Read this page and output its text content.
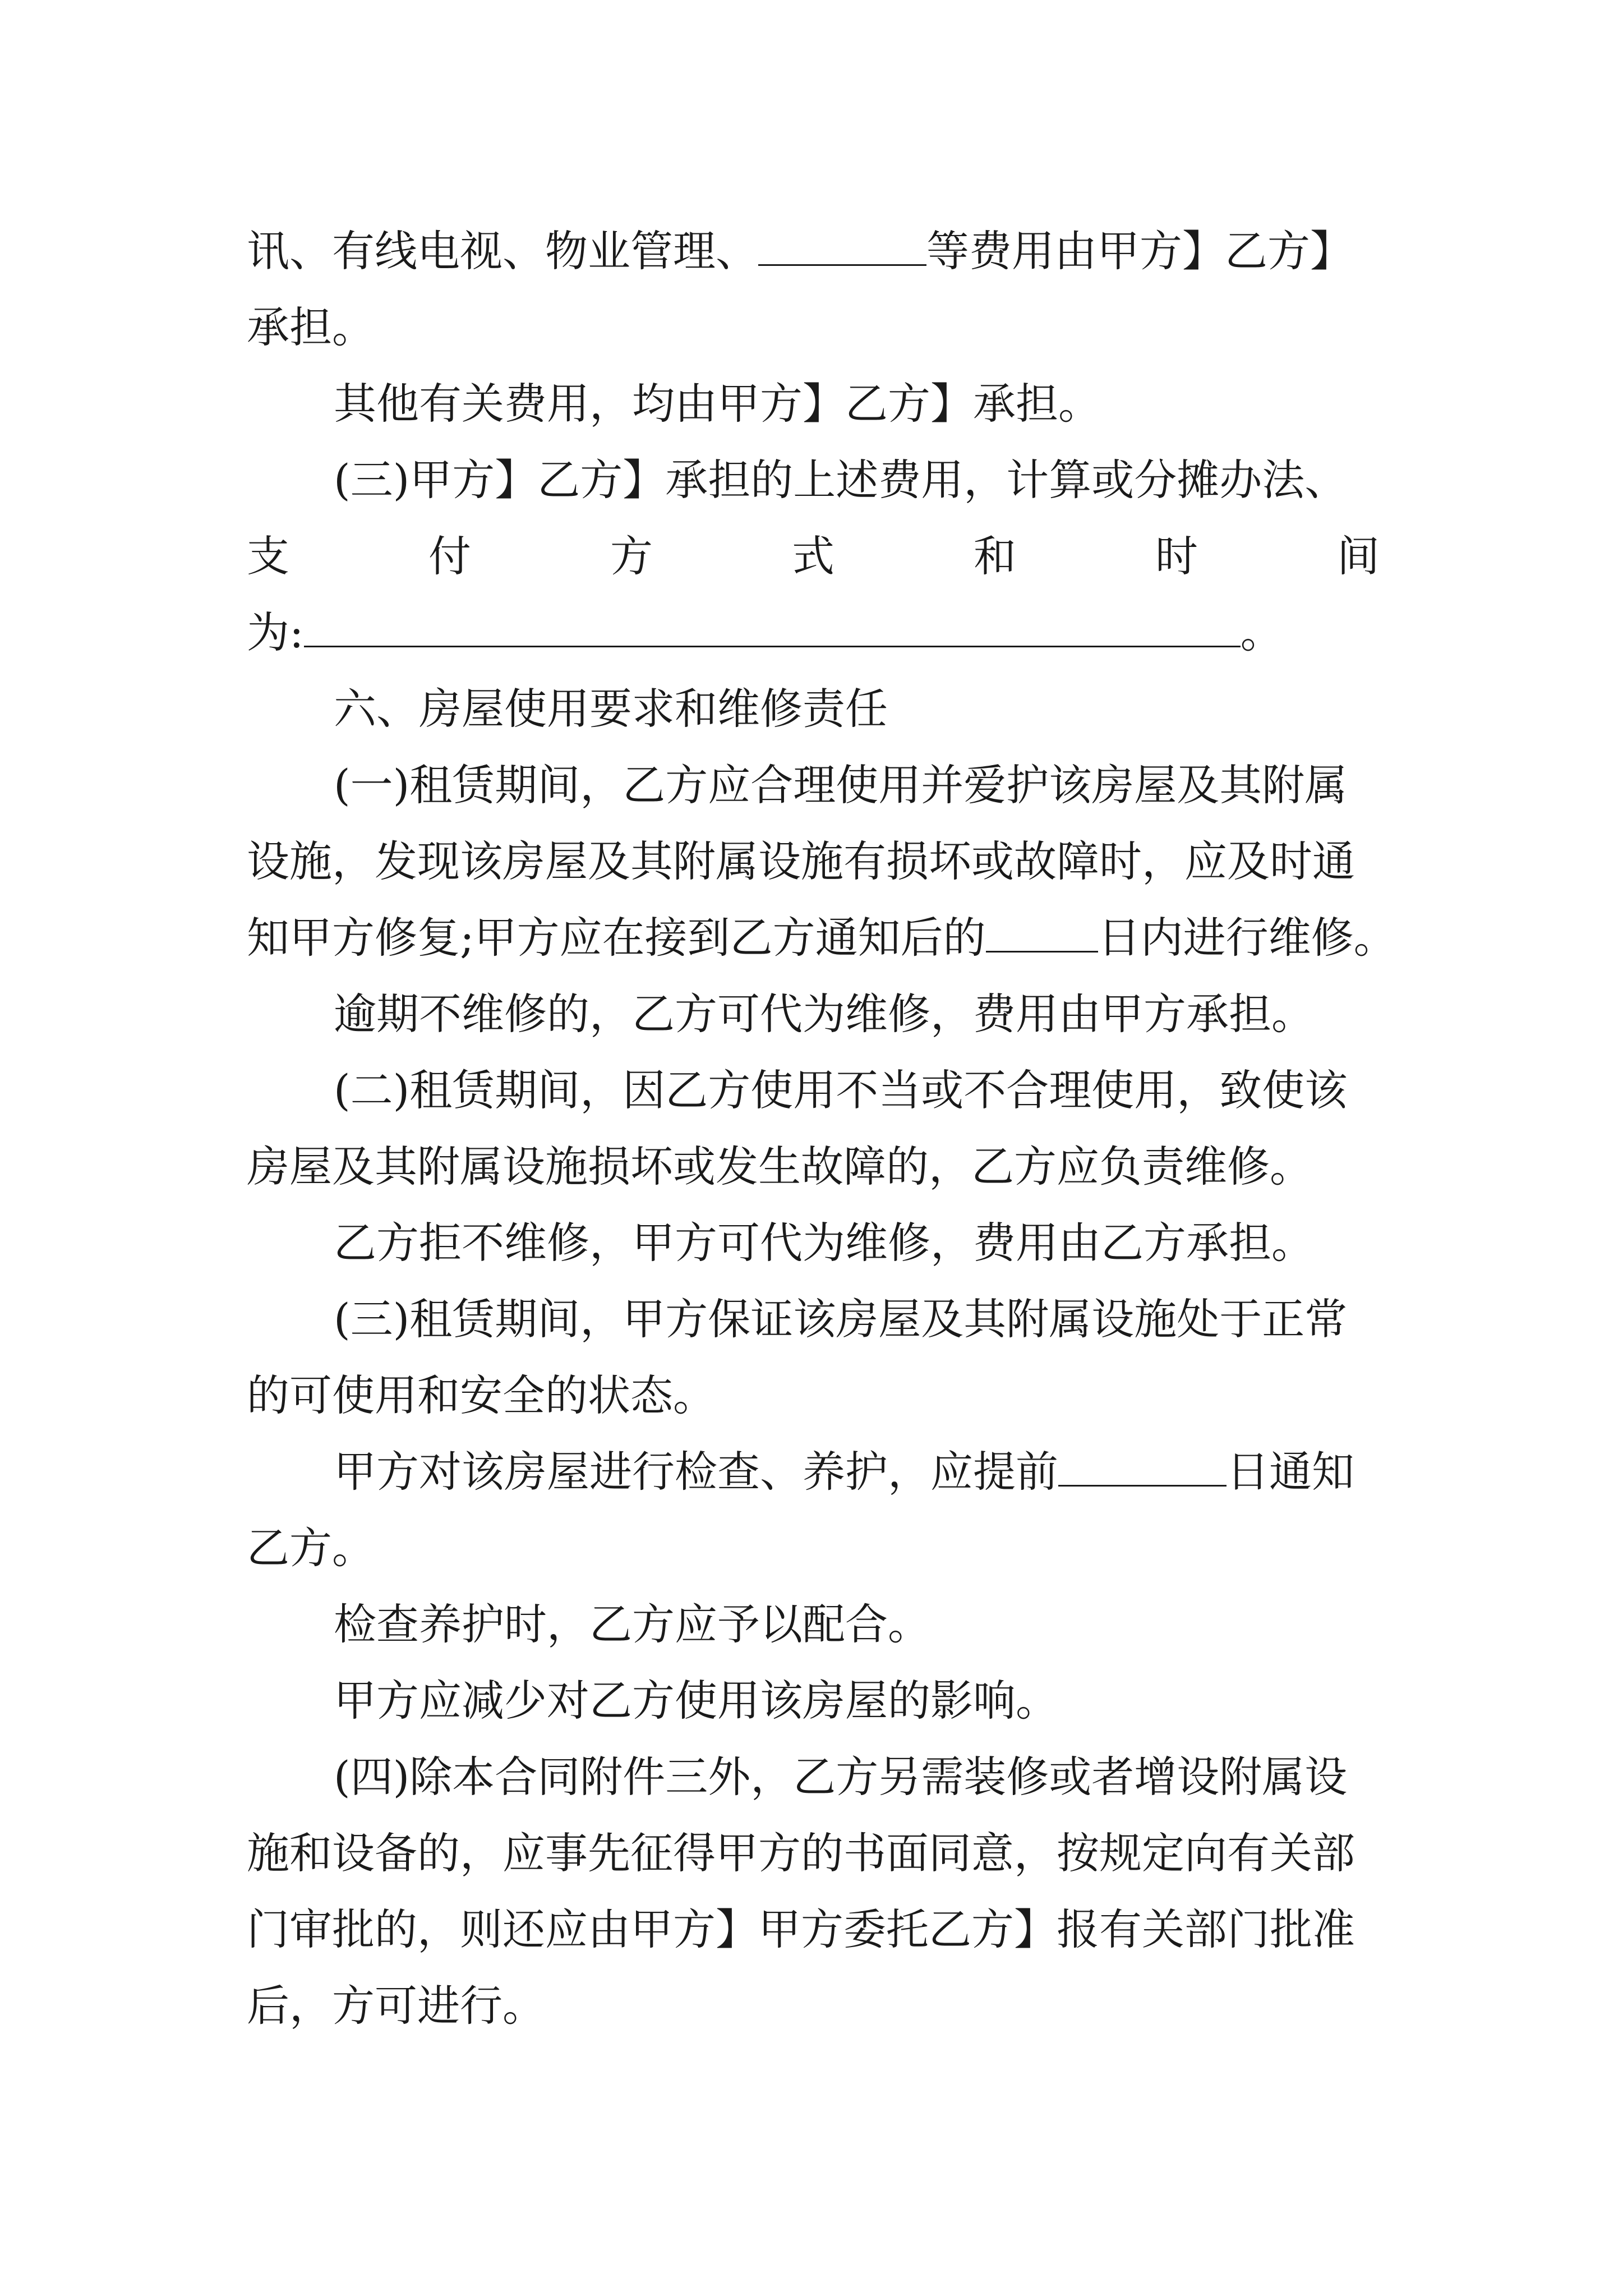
讯、有线电视、物业管理、	等费用由甲方】乙方】
承担。
其他有关费用，均由甲方】乙方】承担。
(三)甲方】乙方】承担的上述费用，计算或分摊办法、
支	付	方	式	和	时	间
为:	。
六、房屋使用要求和维修责任
(一)租赁期间，乙方应合理使用并爱护该房屋及其附属
设施，发现该房屋及其附属设施有损坏或故障时，应及时通
知甲方修复;甲方应在接到乙方通知后的	日内进行维修。
逾期不维修的，乙方可代为维修，费用由甲方承担。
(二)租赁期间，因乙方使用不当或不合理使用，致使该
房屋及其附属设施损坏或发生故障的，乙方应负责维修。
乙方拒不维修，甲方可代为维修，费用由乙方承担。
(三)租赁期间，甲方保证该房屋及其附属设施处于正常
的可使用和安全的状态。
甲方对该房屋进行检查、养护，应提前	日通知
乙方。
检查养护时，乙方应予以配合。
甲方应减少对乙方使用该房屋的影响。
(四)除本合同附件三外，乙方另需装修或者增设附属设
施和设备的，应事先征得甲方的书面同意，按规定向有关部
门审批的，则还应由甲方】甲方委托乙方】报有关部门批准
后，方可进行。
